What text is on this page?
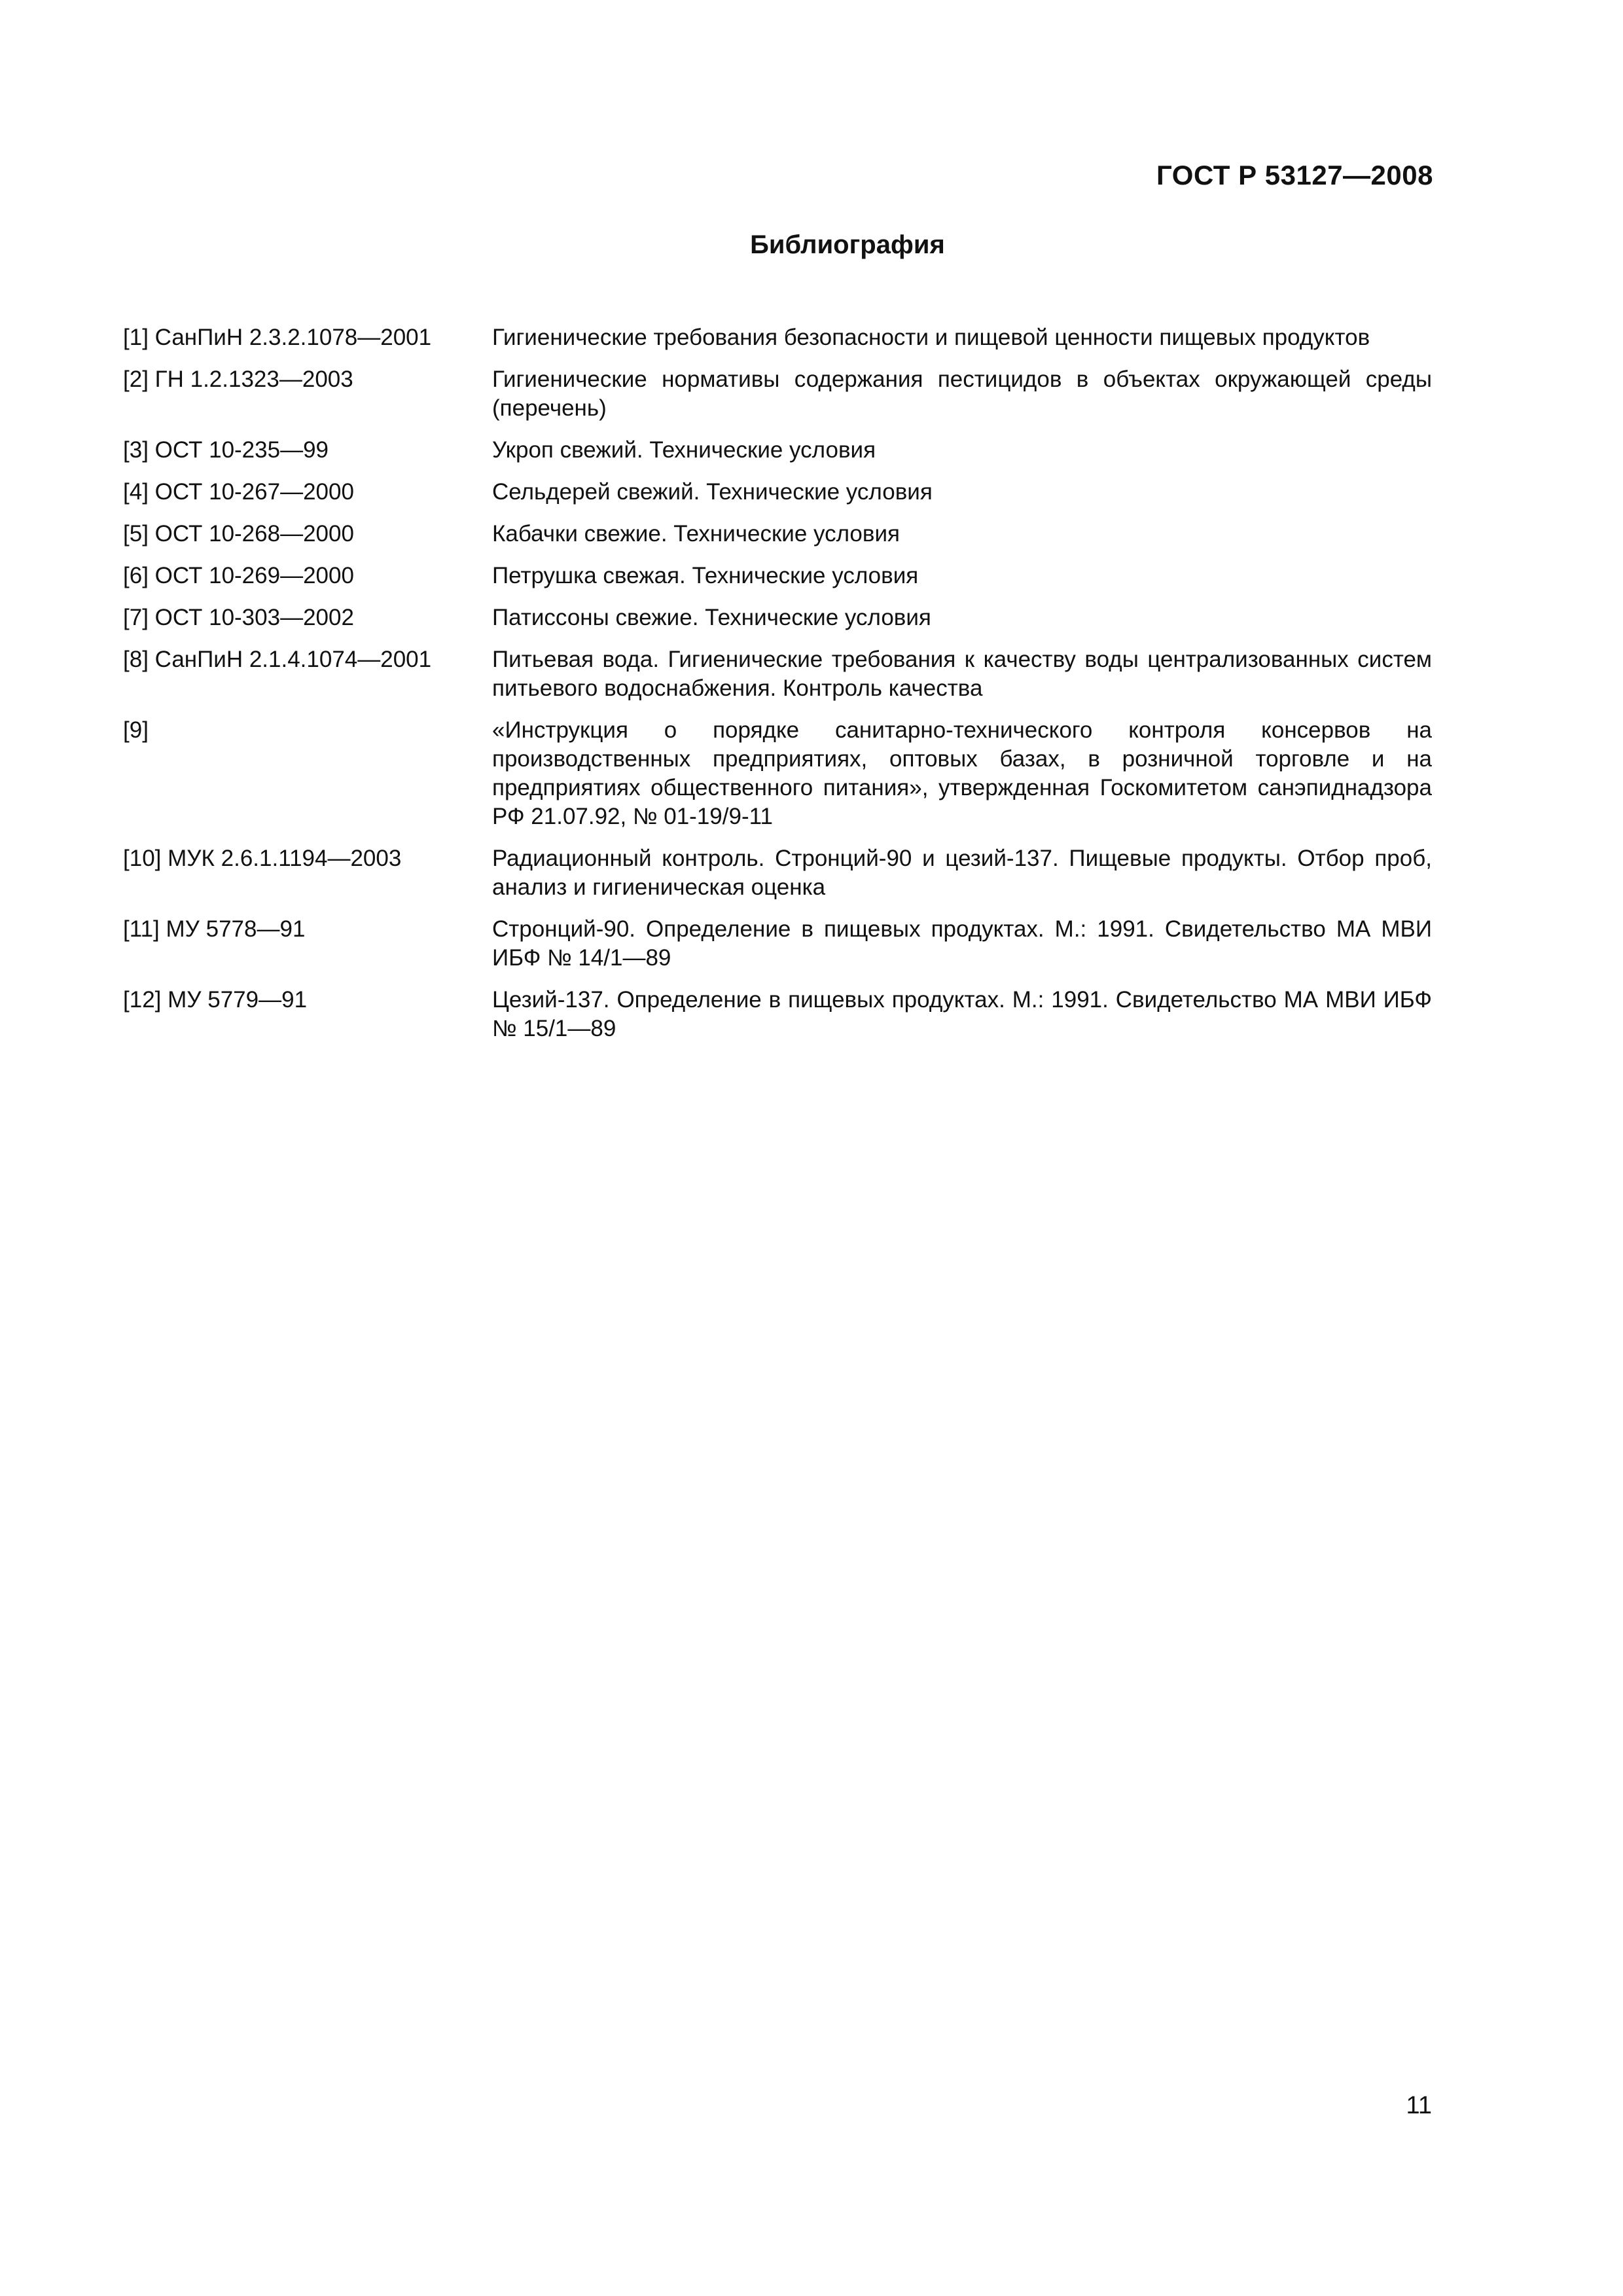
ГОСТ Р 53127—2008
Библиография
[1] СанПиН 2.3.2.1078—2001	Гигиенические требования безопасности и пищевой ценности пищевых продуктов
[2] ГН 1.2.1323—2003	Гигиенические нормативы содержания пестицидов в объектах окружающей среды (перечень)
[3] ОСТ 10-235—99	Укроп свежий. Технические условия
[4] ОСТ 10-267—2000	Сельдерей свежий. Технические условия
[5] ОСТ 10-268—2000	Кабачки свежие. Технические условия
[6] ОСТ 10-269—2000	Петрушка свежая. Технические условия
[7] ОСТ 10-303—2002	Патиссоны свежие. Технические условия
[8] СанПиН 2.1.4.1074—2001	Питьевая вода. Гигиенические требования к качеству воды централизованных систем питьевого водоснабжения. Контроль качества
[9]	«Инструкция о порядке санитарно-технического контроля консервов на производственных предприятиях, оптовых базах, в розничной торговле и на предприятиях общественного питания», утвержденная Госкомитетом санэпиднадзора РФ 21.07.92, № 01-19/9-11
[10] МУК 2.6.1.1194—2003	Радиационный контроль. Стронций-90 и цезий-137. Пищевые продукты. Отбор проб, анализ и гигиеническая оценка
[11] МУ 5778—91	Стронций-90. Определение в пищевых продуктах. М.: 1991. Свидетельство МА МВИ ИБФ № 14/1—89
[12] МУ 5779—91	Цезий-137. Определение в пищевых продуктах. М.: 1991. Свидетельство МА МВИ ИБФ № 15/1—89
11
